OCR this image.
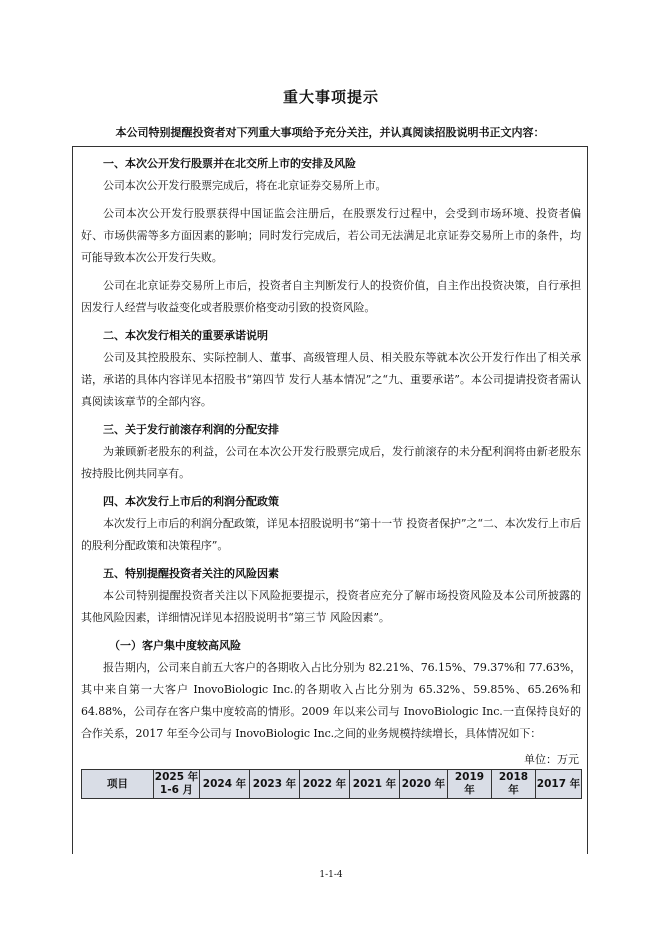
重大事项提示
本公司特别提醒投资者对下列重大事项给予充分关注，并认真阅读招股说明书正文内容：
一、本次公开发行股票并在北交所上市的安排及风险

公司本次公开发行股票完成后，将在北京证券交易所上市。

公司本次公开发行股票获得中国证监会注册后，在股票发行过程中，会受到市场环境、投资者偏好、市场供需等多方面因素的影响；同时发行完成后，若公司无法满足北京证券交易所上市的条件，均可能导致本次公开发行失败。

公司在北京证券交易所上市后，投资者自主判断发行人的投资价值，自主作出投资决策，自行承担因发行人经营与收益变化或者股票价格变动引致的投资风险。

二、本次发行相关的重要承诺说明

公司及其控股股东、实际控制人、董事、高级管理人员、相关股东等就本次公开发行作出了相关承诺，承诺的具体内容详见本招股书“第四节 发行人基本情况”之“九、重要承诺”。本公司提请投资者需认真阅读该章节的全部内容。

三、关于发行前滚存利润的分配安排

为兼顾新老股东的利益，公司在本次公开发行股票完成后，发行前滚存的未分配利润将由新老股东按持股比例共同享有。

四、本次发行上市后的利润分配政策

本次发行上市后的利润分配政策，详见本招股说明书“第十一节 投资者保护”之“二、本次发行上市后的股利分配政策和决策程序”。

五、特别提醒投资者关注的风险因素

本公司特别提醒投资者关注以下风险扼要提示，投资者应充分了解市场投资风险及本公司所披露的其他风险因素，详细情况详见本招股说明书“第三节 风险因素”。

（一）客户集中度较高风险

报告期内，公司来自前五大客户的各期收入占比分别为 82.21%、76.15%、79.37%和 77.63%，其中来自第一大客户 InovoBiologic Inc.的各期收入占比分别为 65.32%、59.85%、65.26%和 64.88%，公司存在客户集中度较高的情形。2009 年以来公司与 InovoBiologic Inc.一直保持良好的合作关系，2017 年至今公司与 InovoBiologic Inc.之间的业务规模持续增长，具体情况如下：

单位：万元
项目	2025 年 1-6 月	2024 年	2023 年	2022 年	2021 年	2020 年	2019 年	2018 年	2017 年
1-1-4
